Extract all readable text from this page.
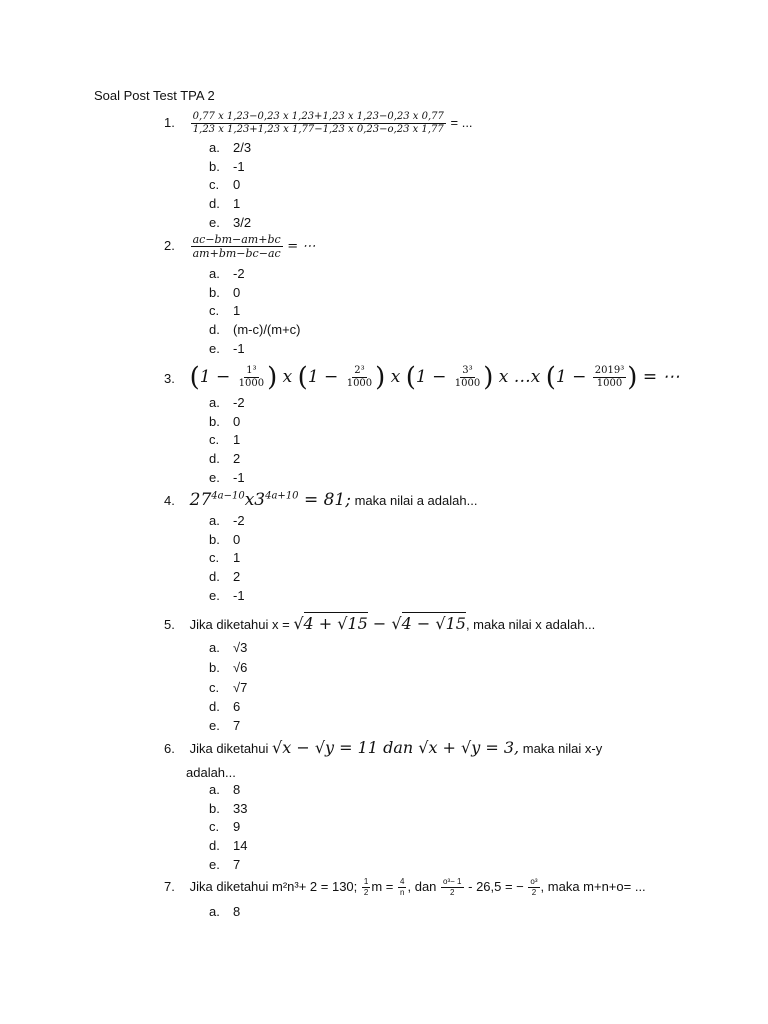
Soal Post Test TPA 2
1. $\frac{\text{0,77 𝑥 1,23−0,23 𝑥 1,23+1,23 𝑥 1,23−0,23 𝑥 0,77}}{\text{1,23 𝑥 1,23+1,23 𝑥 1,77−1,23 𝑥 0,23−𝑜,23 𝑥 1,77}}$ = ...
a. 2/3
b. -1
c. 0
d. 1
e. 3/2
2. $\frac{ac-bm-am+bc}{am+bm-bc-ac}$ = ⋯
a. -2
b. 0
c. 1
d. (m-c)/(m+c)
e. -1
3. ($1 - \frac{\text{1³}}{1000}$ ) x ($1 - \frac{\text{2³}}{1000}$ ) x ($1 - \frac{\text{3³}}{1000}$ ) x …x ($1 - \frac{\text{2019³}}{1000}$ ) = ⋯
a. -2
b. 0
c. 1
d. 2
e. -1
4. $27^{4a-10}x3^{4a+10} = 81$; maka nilai a adalah...
a. -2
b. 0
c. 1
d. 2
e. -1
5. Jika diketahui x = √4 + √15 − √4 − √15, maka nilai x adalah...
a. √3
b. √6
c. √7
d. 6
e. 7
6. Jika diketahui √x − √y = 11 dan √x + √y = 3, maka nilai x-y
adalah...
a. 8
b. 33
c. 9
d. 14
e. 7
7. Jika diketahui m²n³+ 2 = 130; $\frac{1}{2}$ $m = \frac{4}{n}$ , dan $\frac{\text{o³− 1}}{2} - 26,5$ = − $\frac{\text{o³}}{2}$ , maka m+n+o= ...
a. 8
